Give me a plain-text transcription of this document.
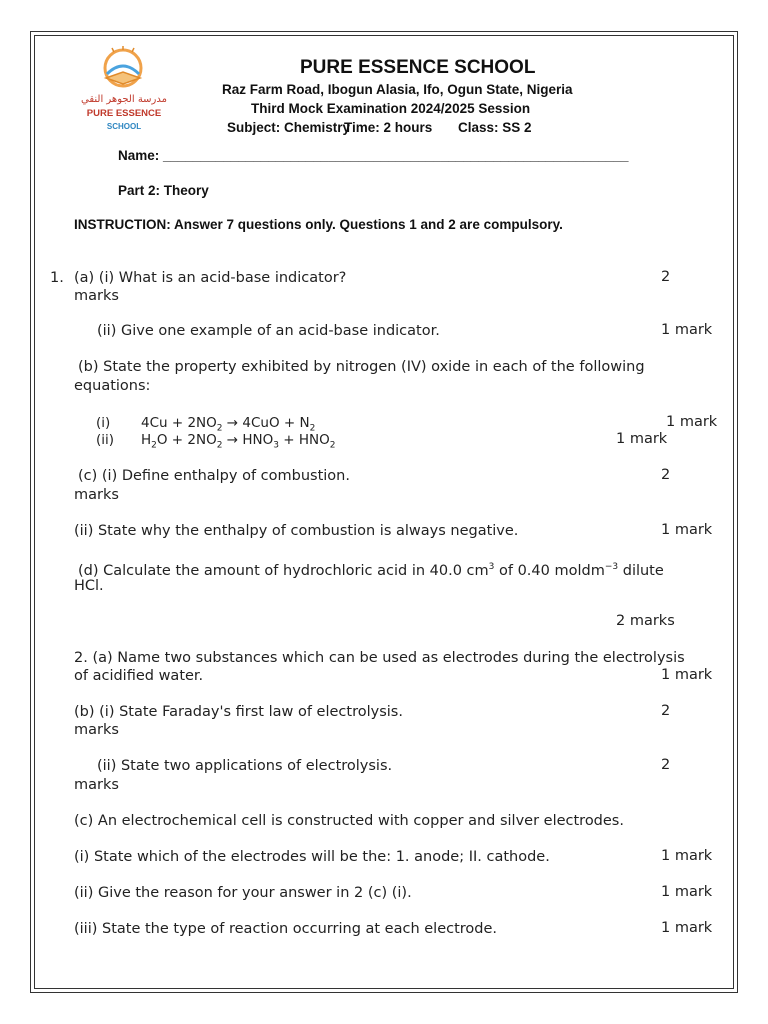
مدرسة الجوهر النقي
PURE ESSENCE
SCHOOL
PURE ESSENCE SCHOOL
Raz Farm Road, Ibogun Alasia, Ifo, Ogun State, Nigeria
Third Mock Examination 2024/2025 Session
Subject: Chemistry
Time: 2 hours Class: SS 2
Name: ______________________________________________________________
Part 2: Theory
INSTRUCTION: Answer 7 questions only. Questions 1 and 2 are compulsory.
1. (a) (i) What is an acid-base indicator?	2
marks
(ii) Give one example of an acid-base indicator.	1 mark
(b) State the property exhibited by nitrogen (IV) oxide in each of the following
equations:
(i) $4Cu + 2NO_2 \to 4CuO + N_2$	1 mark
(ii) $H_2O + 2NO_2 \to HNO_3 + HNO_2$	1 mark
(c) (i) Define enthalpy of combustion.	2
marks
(ii) State why the enthalpy of combustion is always negative.	1 mark
(d) Calculate the amount of hydrochloric acid in 40.0 $cm^3$ of 0.40 moldm$^{-3}$ dilute
HCl.
2 marks
2. (a) Name two substances which can be used as electrodes during the electrolysis
of acidified water.	1 mark
(b) (i) State Faraday's first law of electrolysis.	2
marks
(ii) State two applications of electrolysis.	2
marks
(c) An electrochemical cell is constructed with copper and silver electrodes.
(i) State which of the electrodes will be the: 1. anode; II. cathode.	1 mark
(ii) Give the reason for your answer in 2 (c) (i).	1 mark
(iii) State the type of reaction occurring at each electrode.	1 mark
